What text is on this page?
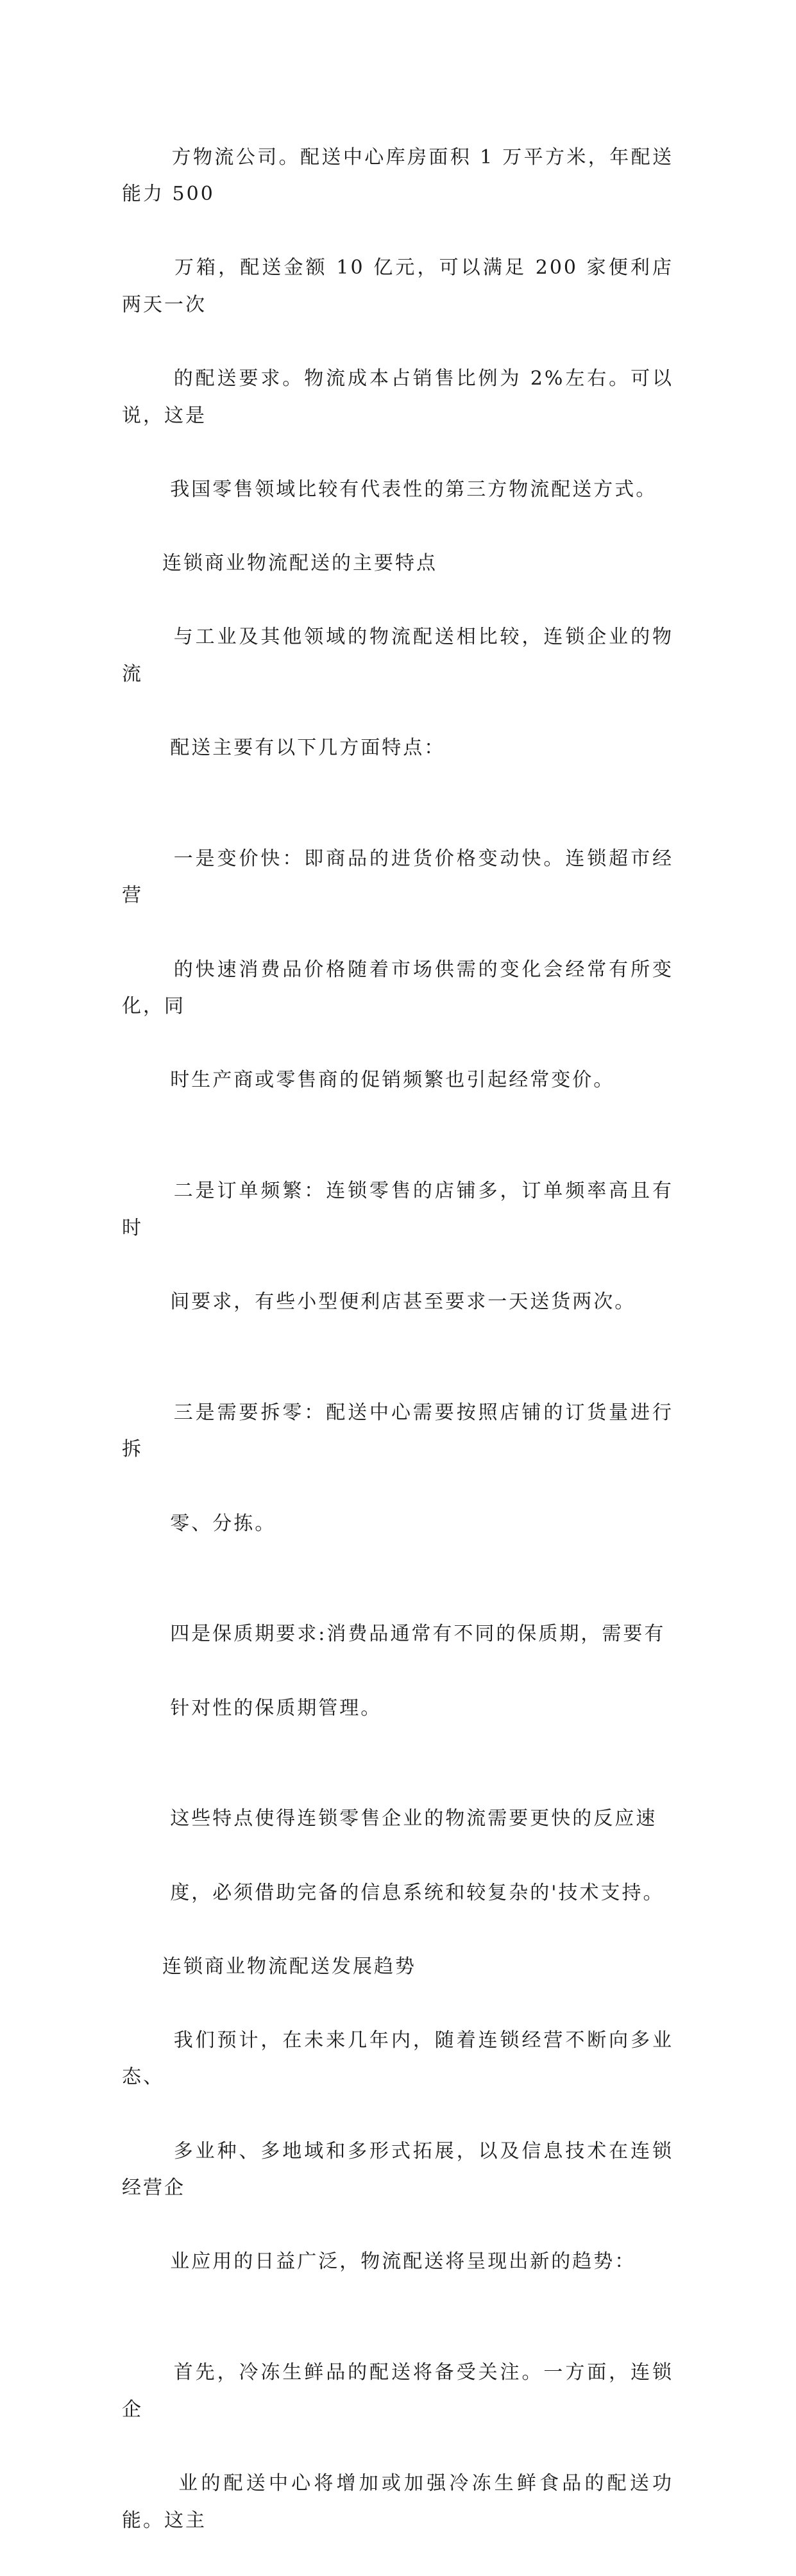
方物流公司。配送中心库房面积 1 万平方米，年配送能力 500

万箱，配送金额 10 亿元，可以满足 200 家便利店两天一次

的配送要求。物流成本占销售比例为 2%左右。可以说，这是

我国零售领域比较有代表性的第三方物流配送方式。

连锁商业物流配送的主要特点

与工业及其他领域的物流配送相比较，连锁企业的物流

配送主要有以下几方面特点：

一是变价快：即商品的进货价格变动快。连锁超市经营

的快速消费品价格随着市场供需的变化会经常有所变化，同

时生产商或零售商的促销频繁也引起经常变价。

二是订单频繁：连锁零售的店铺多，订单频率高且有时

间要求，有些小型便利店甚至要求一天送货两次。

三是需要拆零：配送中心需要按照店铺的订货量进行拆

零、分拣。

四是保质期要求:消费品通常有不同的保质期，需要有

针对性的保质期管理。

这些特点使得连锁零售企业的物流需要更快的反应速

度，必须借助完备的信息系统和较复杂的'技术支持。

连锁商业物流配送发展趋势

我们预计，在未来几年内，随着连锁经营不断向多业态、

多业种、多地域和多形式拓展，以及信息技术在连锁经营企

业应用的日益广泛，物流配送将呈现出新的趋势：

首先，冷冻生鲜品的配送将备受关注。一方面，连锁企

业的配送中心将增加或加强冷冻生鲜食品的配送功能。这主
